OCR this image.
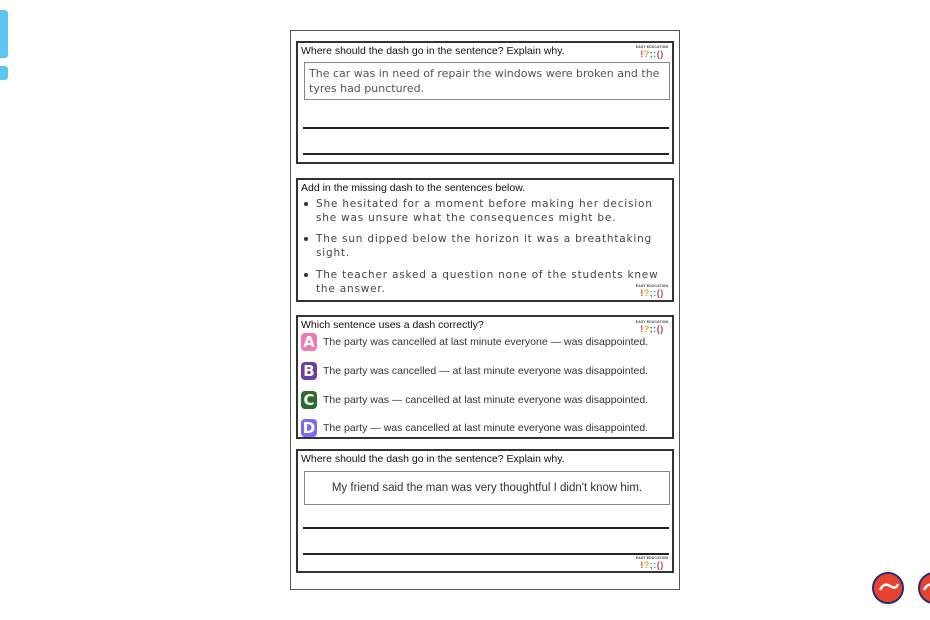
Where should the dash go in the sentence? Explain why.	EASY EDUCATION
!?;:()
The car was in need of repair the windows were broken and the tyres had punctured.
Add in the missing dash to the sentences below.
She hesitated for a moment before making her decision she was unsure what the consequences might be.
The sun dipped below the horizon it was a breathtaking sight.
The teacher asked a question none of the students knew the answer.	EASY EDUCATION
!?;:()
Which sentence uses a dash correctly?	EASY EDUCATION
!?;:()
A The party was cancelled at last minute everyone — was disappointed.
B The party was cancelled — at last minute everyone was disappointed.
C The party was — cancelled at last minute everyone was disappointed.
D The party — was cancelled at last minute everyone was disappointed.
Where should the dash go in the sentence? Explain why.
My friend said the man was very thoughtful I didn't know him.
EASY EDUCATION
!?;:()
